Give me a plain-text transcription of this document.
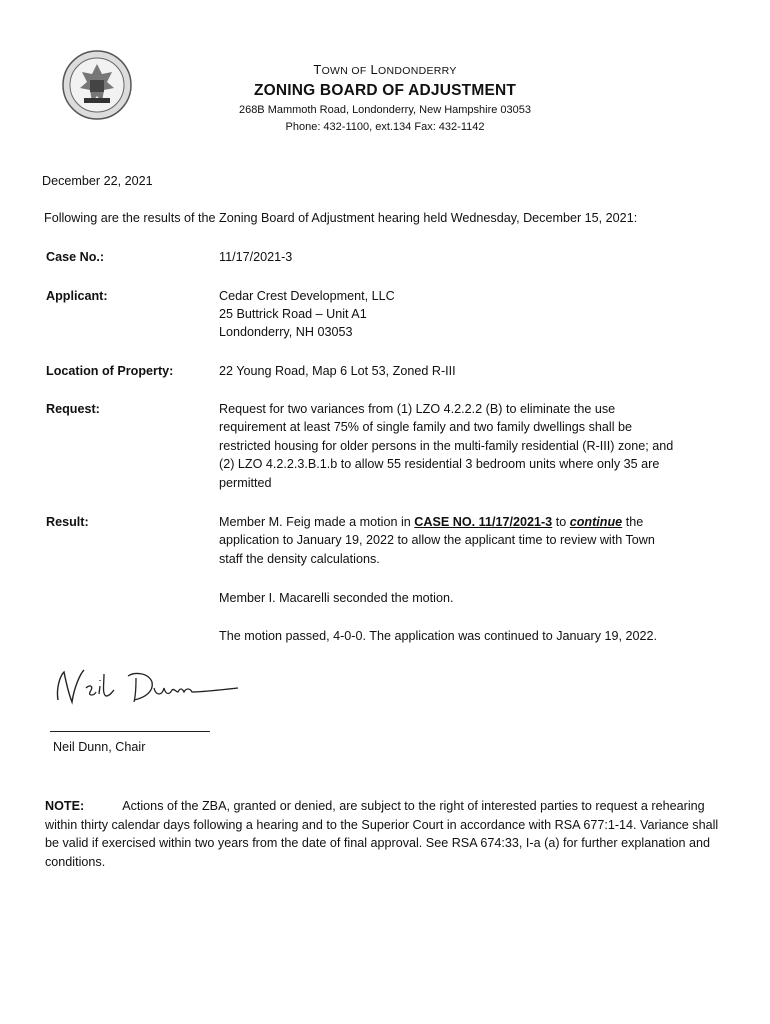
TOWN OF LONDONDERRY
ZONING BOARD OF ADJUSTMENT
268B Mammoth Road, Londonderry, New Hampshire 03053
Phone: 432-1100, ext.134 Fax: 432-1142
December 22, 2021
Following are the results of the Zoning Board of Adjustment hearing held Wednesday, December 15, 2021:
Case No.:	11/17/2021-3
Applicant:	Cedar Crest Development, LLC
25 Buttrick Road – Unit A1
Londonderry, NH 03053
Location of Property:	22 Young Road, Map 6 Lot 53, Zoned R-III
Request:	Request for two variances from (1) LZO 4.2.2.2 (B) to eliminate the use
requirement at least 75% of single family and two family dwellings shall be
restricted housing for older persons in the multi-family residential (R-III) zone; and
(2) LZO 4.2.2.3.B.1.b to allow 55 residential 3 bedroom units where only 35 are
permitted
Result:	Member M. Feig made a motion in CASE NO. 11/17/2021-3 to continue the
application to January 19, 2022 to allow the applicant time to review with Town
staff the density calculations.
Member I. Macarelli seconded the motion.
The motion passed, 4-0-0. The application was continued to January 19, 2022.
Neil Dunn, Chair
NOTE:	Actions of the ZBA, granted or denied, are subject to the right of interested parties to request a rehearing within thirty calendar days following a hearing and to the Superior Court in accordance with RSA 677:1-14. Variance shall be valid if exercised within two years from the date of final approval. See RSA 674:33, I-a (a) for further explanation and conditions.
